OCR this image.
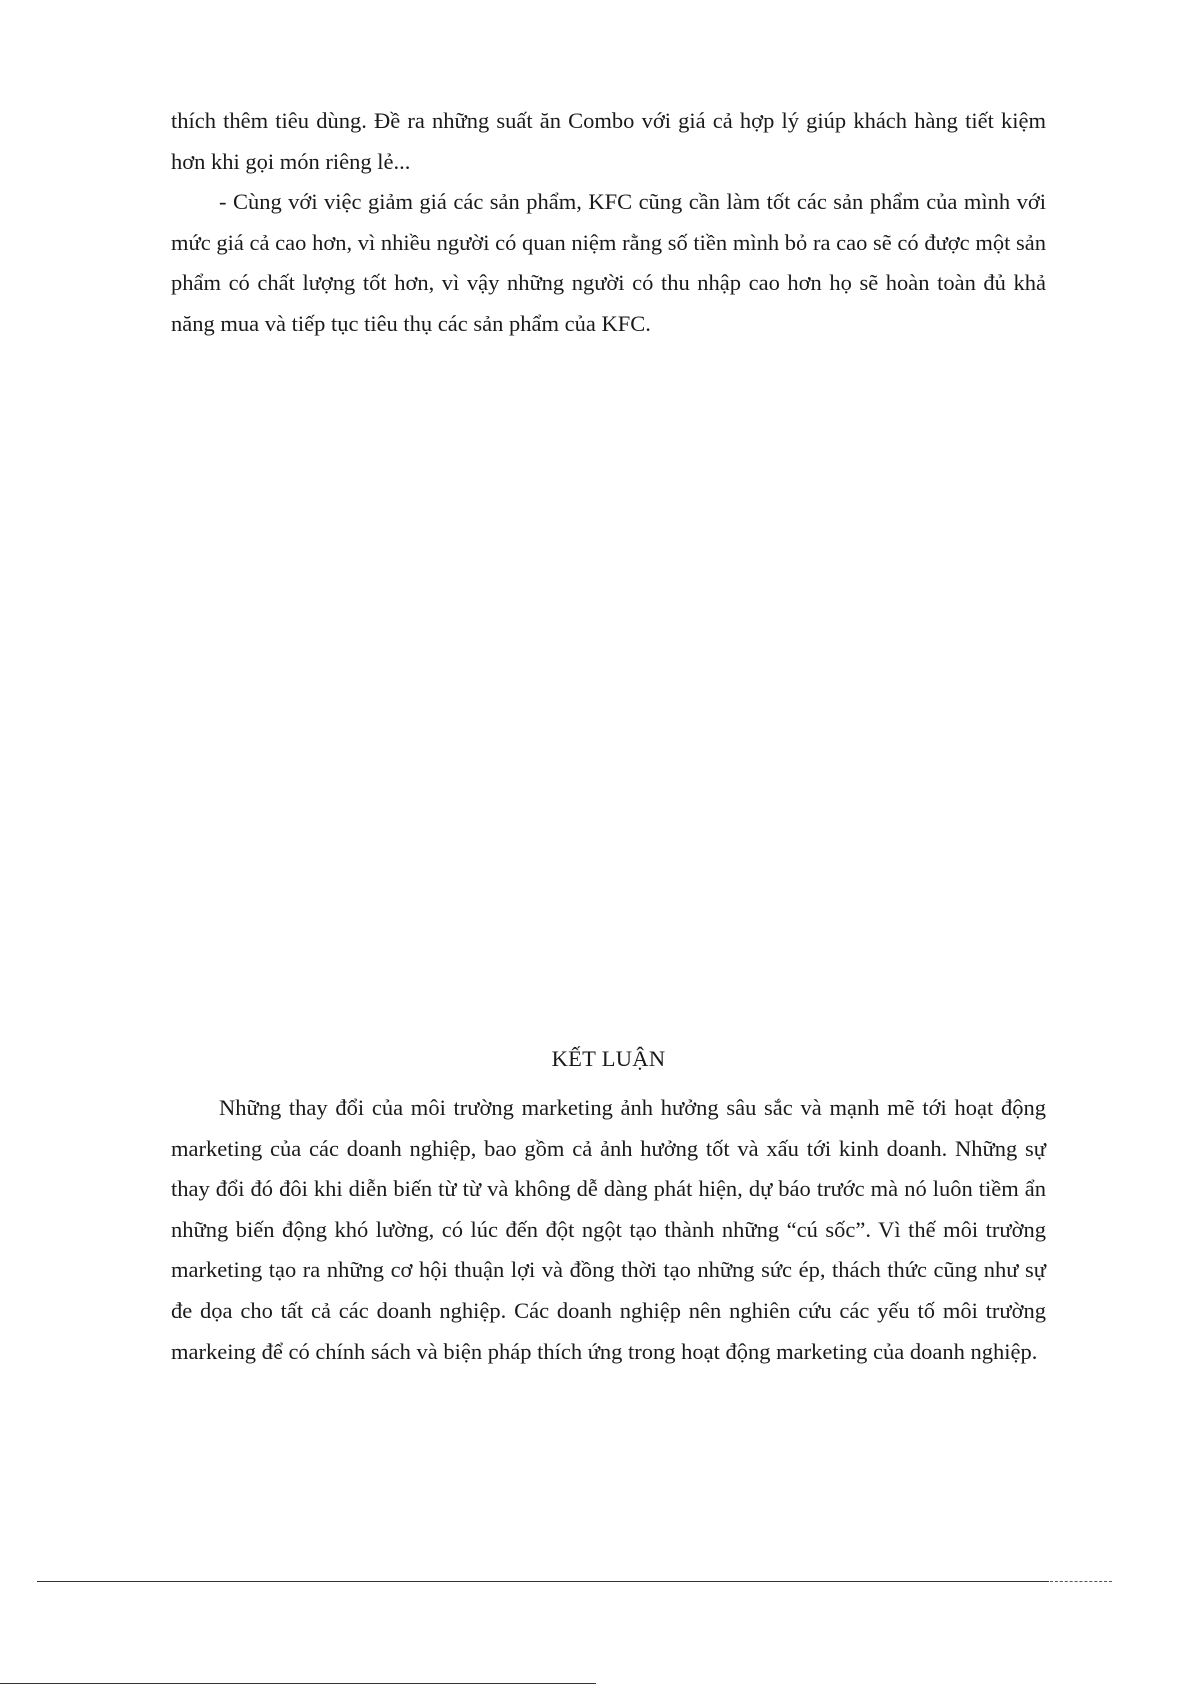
thích thêm tiêu dùng. Đề ra những suất ăn Combo với giá cả hợp lý giúp khách hàng tiết kiệm hơn khi gọi món riêng lẻ...

- Cùng với việc giảm giá các sản phẩm, KFC cũng cần làm tốt các sản phẩm của mình với mức giá cả cao hơn, vì nhiều người có quan niệm rằng số tiền mình bỏ ra cao sẽ có được một sản phẩm có chất lượng tốt hơn, vì vậy những người có thu nhập cao hơn họ sẽ hoàn toàn đủ khả năng mua và tiếp tục tiêu thụ các sản phẩm của KFC.

KẾT LUẬN

Những thay đổi của môi trường marketing ảnh hưởng sâu sắc và mạnh mẽ tới hoạt động marketing của các doanh nghiệp, bao gồm cả ảnh hưởng tốt và xấu tới kinh doanh. Những sự thay đổi đó đôi khi diễn biến từ từ và không dễ dàng phát hiện, dự báo trước mà nó luôn tiềm ẩn những biến động khó lường, có lúc đến đột ngột tạo thành những “cú sốc”. Vì thế môi trường marketing tạo ra những cơ hội thuận lợi và đồng thời tạo những sức ép, thách thức cũng như sự đe dọa cho tất cả các doanh nghiệp. Các doanh nghiệp nên nghiên cứu các yếu tố môi trường markeing để có chính sách và biện pháp thích ứng trong hoạt động marketing của doanh nghiệp.
